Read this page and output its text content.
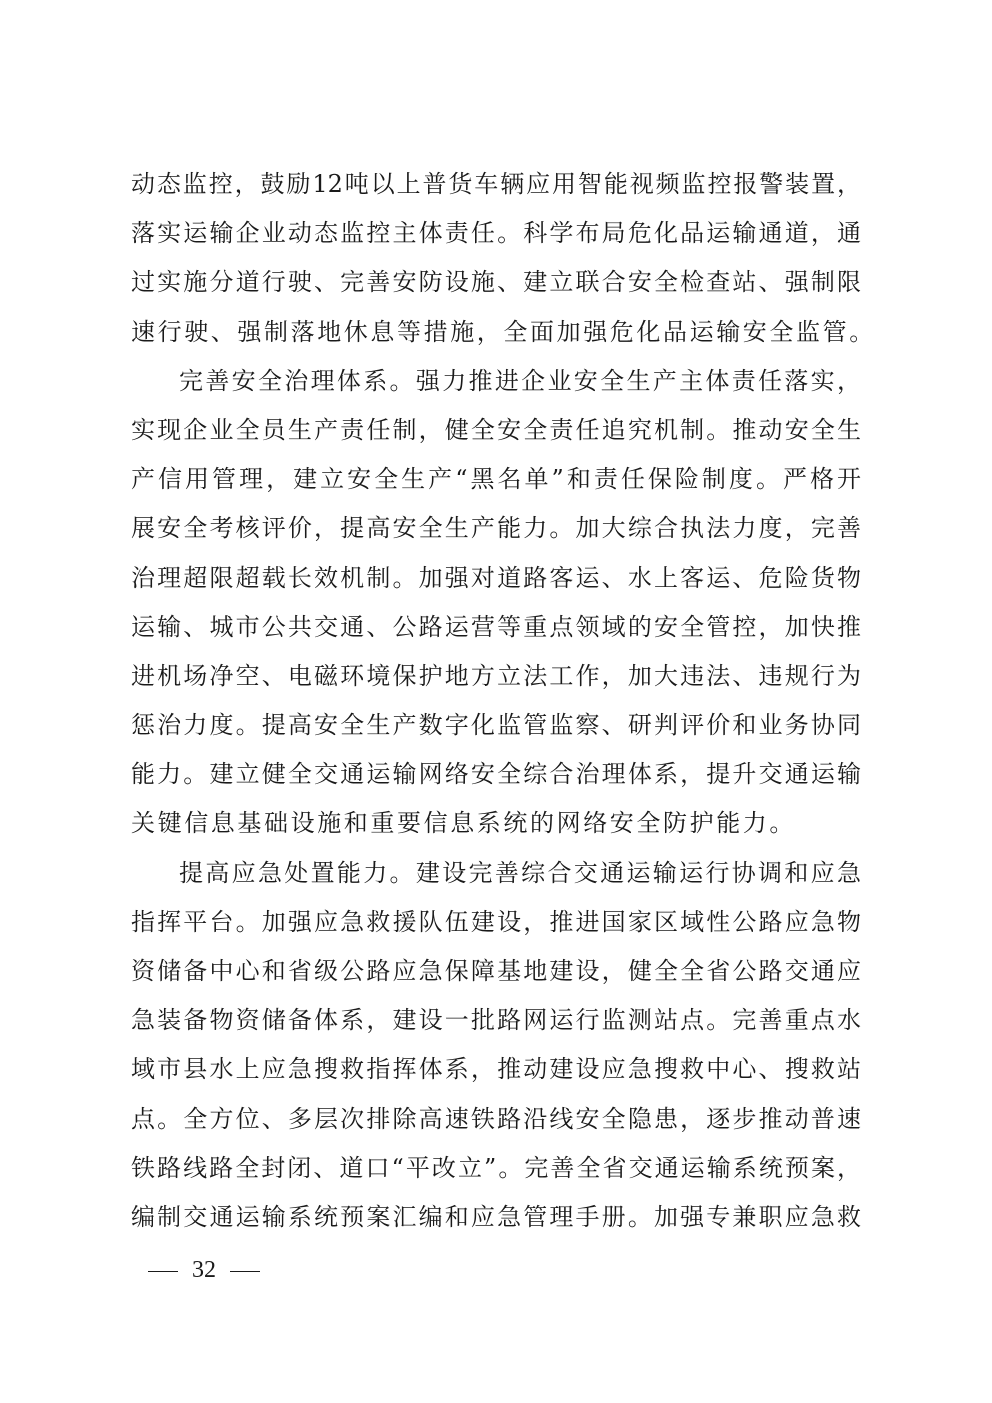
动态监控，鼓励12吨以上普货车辆应用智能视频监控报警装置，
落实运输企业动态监控主体责任。科学布局危化品运输通道，通
过实施分道行驶、完善安防设施、建立联合安全检查站、强制限
速行驶、强制落地休息等措施，全面加强危化品运输安全监管。
完善安全治理体系。强力推进企业安全生产主体责任落实，
实现企业全员生产责任制，健全安全责任追究机制。推动安全生
产信用管理，建立安全生产“黑名单”和责任保险制度。严格开
展安全考核评价，提高安全生产能力。加大综合执法力度，完善
治理超限超载长效机制。加强对道路客运、水上客运、危险货物
运输、城市公共交通、公路运营等重点领域的安全管控，加快推
进机场净空、电磁环境保护地方立法工作，加大违法、违规行为
惩治力度。提高安全生产数字化监管监察、研判评价和业务协同
能力。建立健全交通运输网络安全综合治理体系，提升交通运输
关键信息基础设施和重要信息系统的网络安全防护能力。
提高应急处置能力。建设完善综合交通运输运行协调和应急
指挥平台。加强应急救援队伍建设，推进国家区域性公路应急物
资储备中心和省级公路应急保障基地建设，健全全省公路交通应
急装备物资储备体系，建设一批路网运行监测站点。完善重点水
域市县水上应急搜救指挥体系，推动建设应急搜救中心、搜救站
点。全方位、多层次排除高速铁路沿线安全隐患，逐步推动普速
铁路线路全封闭、道口“平改立”。完善全省交通运输系统预案，
编制交通运输系统预案汇编和应急管理手册。加强专兼职应急救
32
